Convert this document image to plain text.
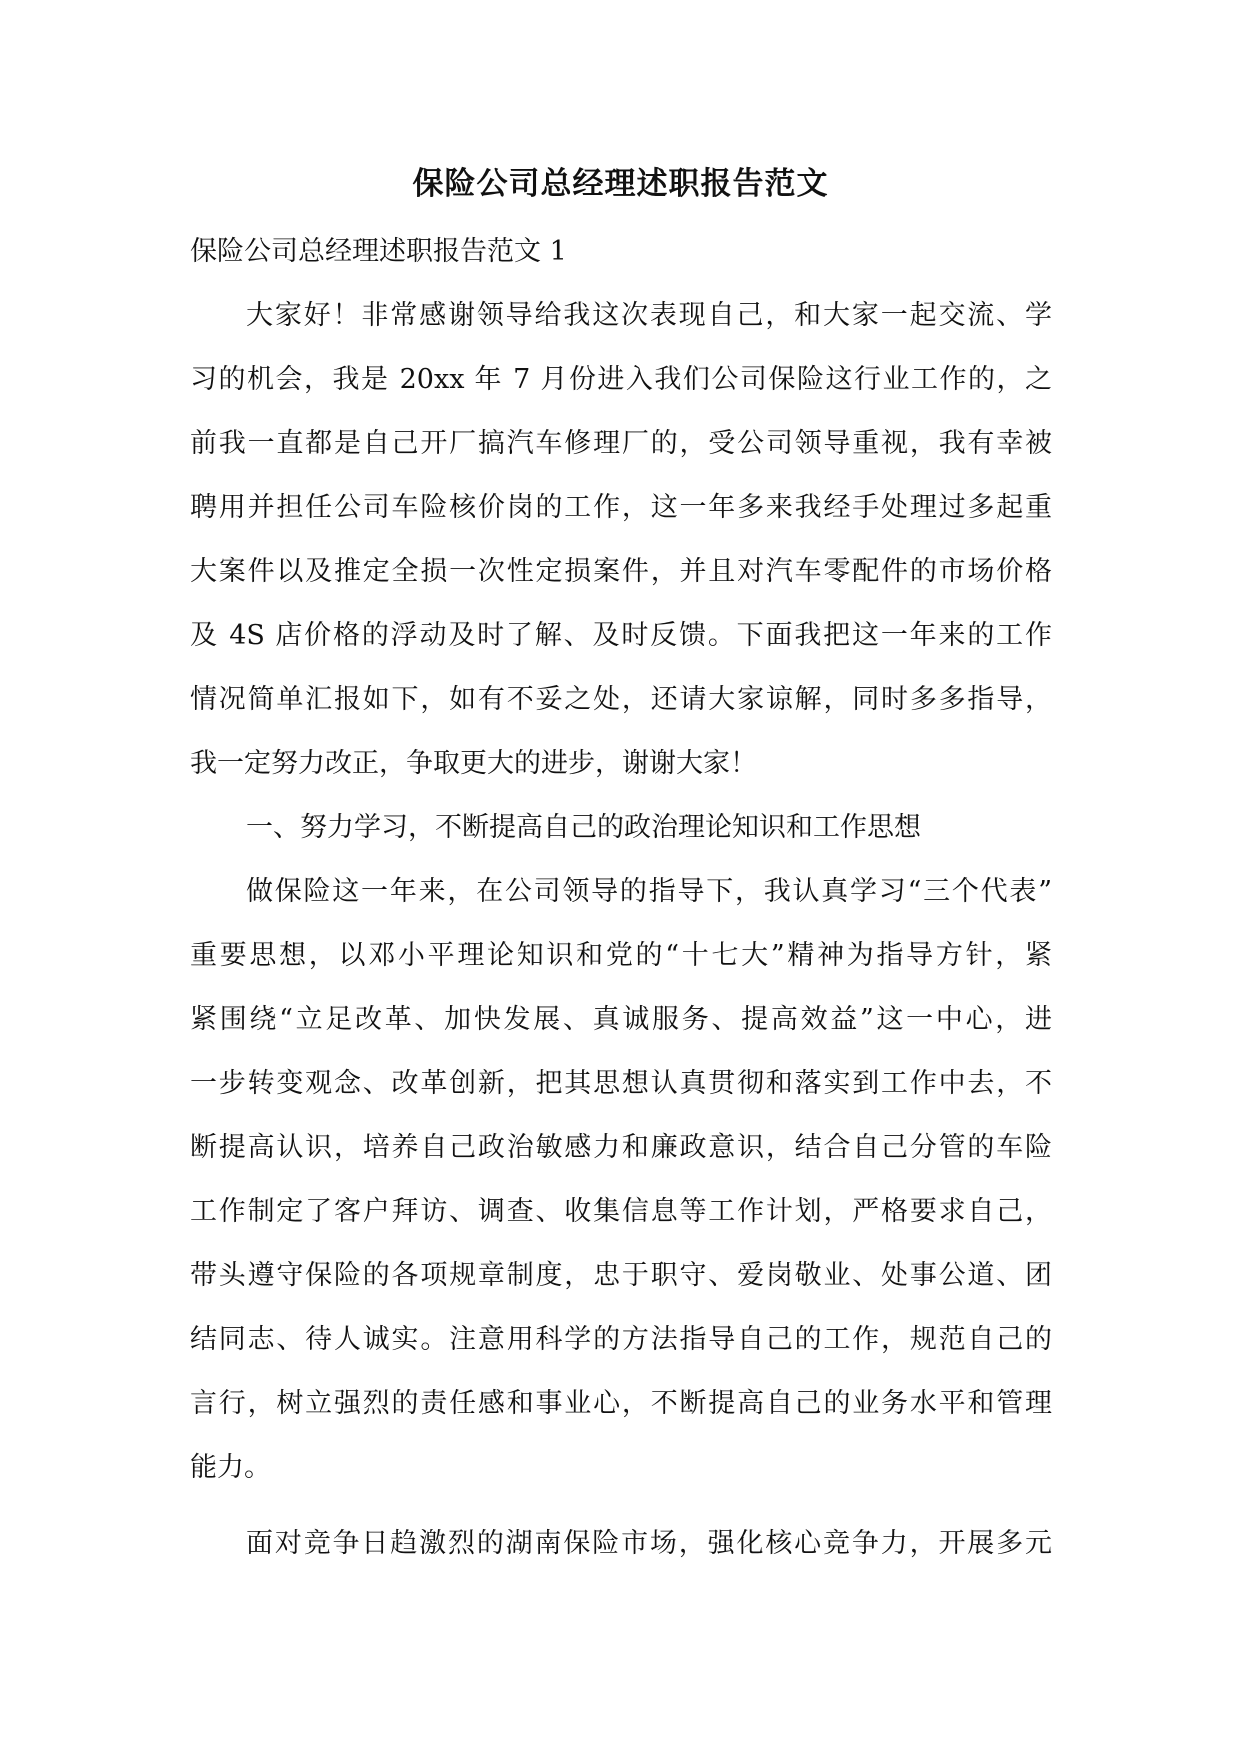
保险公司总经理述职报告范文
保险公司总经理述职报告范文 1
大家好！非常感谢领导给我这次表现自己，和大家一起交流、学
习的机会，我是 20xx 年 7 月份进入我们公司保险这行业工作的，之
前我一直都是自己开厂搞汽车修理厂的，受公司领导重视，我有幸被
聘用并担任公司车险核价岗的工作，这一年多来我经手处理过多起重
大案件以及推定全损一次性定损案件，并且对汽车零配件的市场价格
及 4S 店价格的浮动及时了解、及时反馈。下面我把这一年来的工作
情况简单汇报如下，如有不妥之处，还请大家谅解，同时多多指导，
我一定努力改正，争取更大的进步，谢谢大家！
一、努力学习，不断提高自己的政治理论知识和工作思想
做保险这一年来，在公司领导的指导下，我认真学习“三个代表”
重要思想，以邓小平理论知识和党的“十七大”精神为指导方针，紧
紧围绕“立足改革、加快发展、真诚服务、提高效益”这一中心，进
一步转变观念、改革创新，把其思想认真贯彻和落实到工作中去，不
断提高认识，培养自己政治敏感力和廉政意识，结合自己分管的车险
工作制定了客户拜访、调查、收集信息等工作计划，严格要求自己，
带头遵守保险的各项规章制度，忠于职守、爱岗敬业、处事公道、团
结同志、待人诚实。注意用科学的方法指导自己的工作，规范自己的
言行，树立强烈的责任感和事业心，不断提高自己的业务水平和管理
能力。
面对竞争日趋激烈的湖南保险市场，强化核心竞争力，开展多元
